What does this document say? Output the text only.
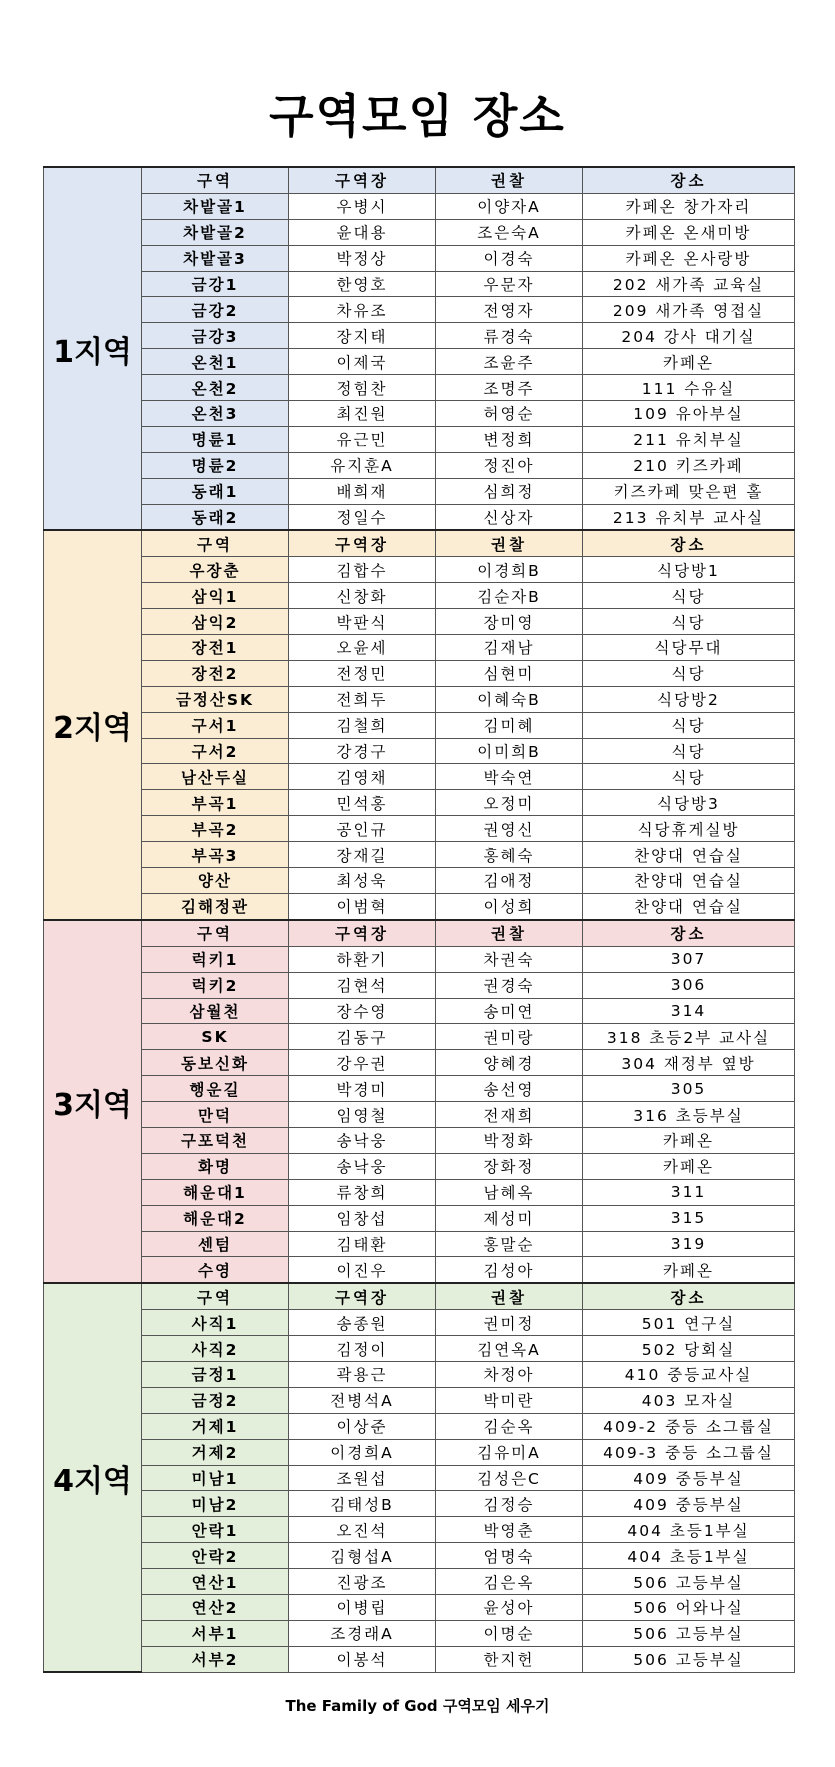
구역모임 장소
1지역	구역	구역장	권찰	장소
	차밭골1	우병시	이양자A	카페온 창가자리
	차밭골2	윤대용	조은숙A	카페온 온새미방
	차밭골3	박정상	이경숙	카페온 온사랑방
	금강1	한영호	우문자	202 새가족 교육실
	금강2	차유조	전영자	209 새가족 영접실
	금강3	장지태	류경숙	204 강사 대기실
	온천1	이제국	조윤주	카페온
	온천2	정힘찬	조명주	111 수유실
	온천3	최진원	허영순	109 유아부실
	명륜1	유근민	변정희	211 유치부실
	명륜2	유지훈A	정진아	210 키즈카페
	동래1	배희재	심희정	키즈카페 맞은편 홀
	동래2	정일수	신상자	213 유치부 교사실
2지역	구역	구역장	권찰	장소
	우장춘	김합수	이경희B	식당방1
	삼익1	신창화	김순자B	식당
	삼익2	박판식	장미영	식당
	장전1	오윤세	김재남	식당무대
	장전2	전정민	심현미	식당
	금정산SK	전희두	이혜숙B	식당방2
	구서1	김철희	김미혜	식당
	구서2	강경구	이미희B	식당
	남산두실	김영채	박숙연	식당
	부곡1	민석홍	오정미	식당방3
	부곡2	공인규	권영신	식당휴게실방
	부곡3	장재길	홍혜숙	찬양대 연습실
	양산	최성욱	김애정	찬양대 연습실
	김해정관	이범혁	이성희	찬양대 연습실
3지역	구역	구역장	권찰	장소
	럭키1	하환기	차권숙	307
	럭키2	김현석	권경숙	306
	삼월천	장수영	송미연	314
	SK	김동구	권미랑	318 초등2부 교사실
	동보신화	강우권	양혜경	304 재정부 옆방
	행운길	박경미	송선영	305
	만덕	임영철	전재희	316 초등부실
	구포덕천	송낙웅	박정화	카페온
	화명	송낙웅	장화정	카페온
	해운대1	류창희	남혜옥	311
	해운대2	임창섭	제성미	315
	센텀	김태환	홍말순	319
	수영	이진우	김성아	카페온
4지역	구역	구역장	권찰	장소
	사직1	송종원	권미정	501 연구실
	사직2	김정이	김연옥A	502 당회실
	금정1	곽용근	차정아	410 중등교사실
	금정2	전병석A	박미란	403 모자실
	거제1	이상준	김순옥	409-2 중등 소그룹실
	거제2	이경희A	김유미A	409-3 중등 소그룹실
	미남1	조원섭	김성은C	409 중등부실
	미남2	김태성B	김정승	409 중등부실
	안락1	오진석	박영춘	404 초등1부실
	안락2	김형섭A	엄명숙	404 초등1부실
	연산1	진광조	김은옥	506 고등부실
	연산2	이병립	윤성아	506 어와나실
	서부1	조경래A	이명순	506 고등부실
	서부2	이봉석	한지헌	506 고등부실
The Family of God 구역모임 세우기
